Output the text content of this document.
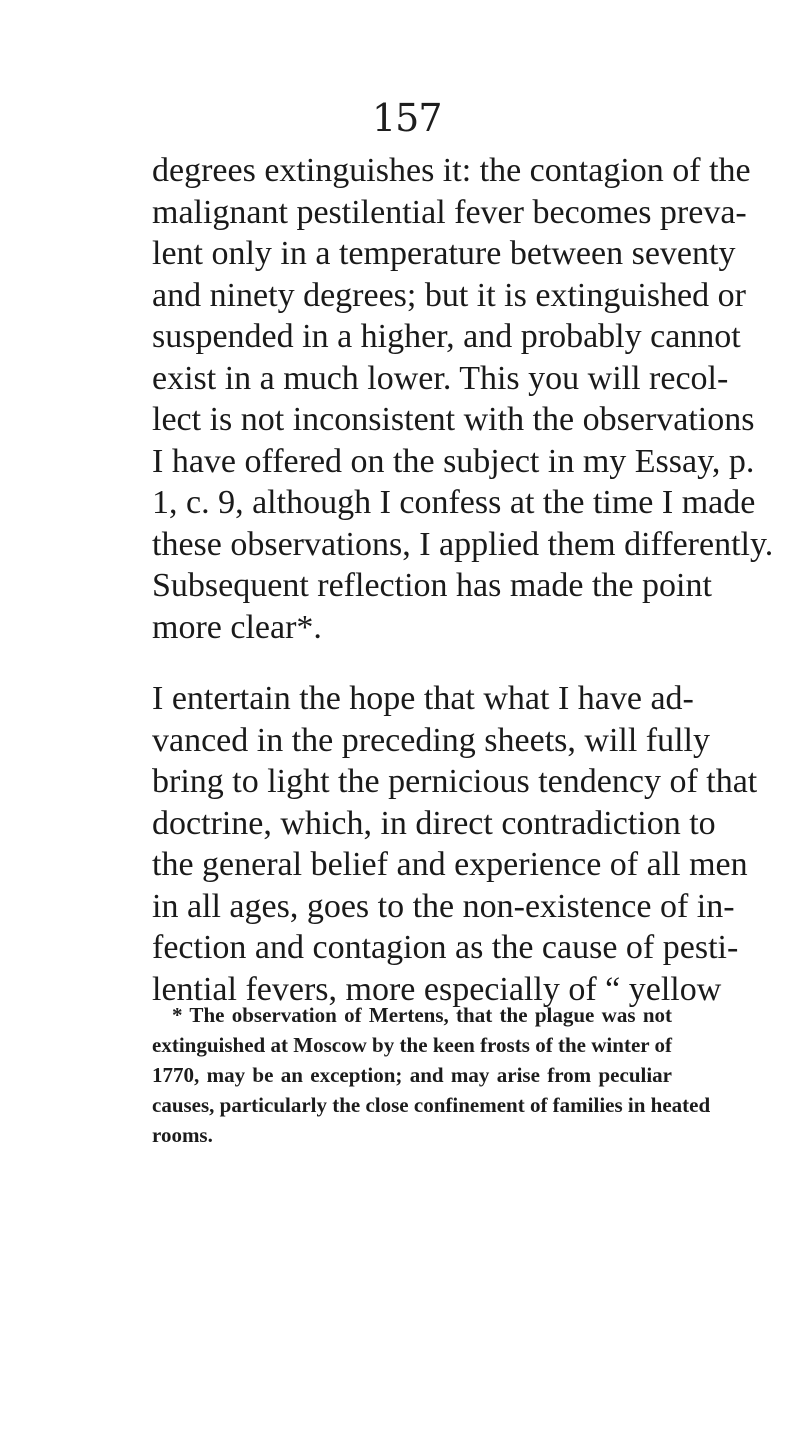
157
degrees extinguishes it: the contagion of the
malignant pestilential fever becomes preva-
lent only in a temperature between seventy
and ninety degrees; but it is extinguished or
suspended in a higher, and probably cannot
exist in a much lower. This you will recol-
lect is not inconsistent with the observations
I have offered on the subject in my Essay, p.
1, c. 9, although I confess at the time I made
these observations, I applied them differently.
Subsequent reflection has made the point
more clear*.
I entertain the hope that what I have ad-
vanced in the preceding sheets, will fully
bring to light the pernicious tendency of that
doctrine, which, in direct contradiction to
the general belief and experience of all men
in all ages, goes to the non-existence of in-
fection and contagion as the cause of pesti-
lential fevers, more especially of “ yellow
* The observation of Mertens, that the plague was not
extinguished at Moscow by the keen frosts of the winter of
1770, may be an exception; and may arise from peculiar
causes, particularly the close confinement of families in heated
rooms.
